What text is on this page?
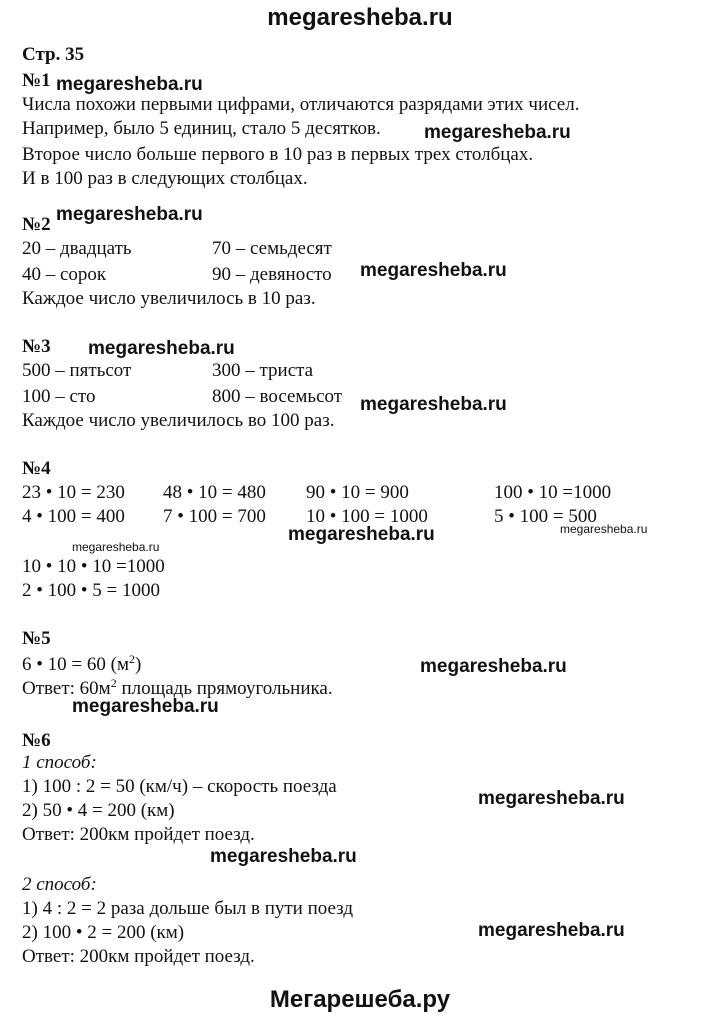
megaresheba.ru
Стр. 35
№1
Числа похожи первыми цифрами, отличаются разрядами этих чисел.
Например, было 5 единиц, стало 5 десятков.
Второе число больше первого в 10 раз в первых трех столбцах.
И в 100 раз в следующих столбцах.
№2
20 – двадцать	70 – семьдесят
40 – сорок	90 – девяносто
Каждое число увеличилось в 10 раз.
№3
500 – пятьсот	300 – триста
100 – сто	800 – восемьсот
Каждое число увеличилось во 100 раз.
№4
23 • 10 = 230 48 • 10 = 480 90 • 10 = 900	100 • 10 =1000
4 • 100 = 400 7 • 100 = 700 10 • 100 = 1000	5 • 100 = 500
10 • 10 • 10 =1000
2 • 100 • 5 = 1000
№5
6 • 10 = 60 $(м^2)$
Ответ: $60м^2$ площадь прямоугольника.
№6
1 способ:
1) 100 : 2 = 50 (км/ч) – скорость поезда
2) 50 • 4 = 200 (км)
Ответ: 200км пройдет поезд.
2 способ:
1) 4 : 2 = 2 раза дольше был в пути поезд
2) 100 • 2 = 200 (км)
Ответ: 200км пройдет поезд.
megaresheba.ru
megaresheba.ru
megaresheba.ru
megaresheba.ru
megaresheba.ru
megaresheba.ru
megaresheba.ru
megaresheba.ru	megaresheba.ru
megaresheba.ru
megaresheba.ru
megaresheba.ru
megaresheba.ru
megaresheba.ru
Мегарешеба.ру
